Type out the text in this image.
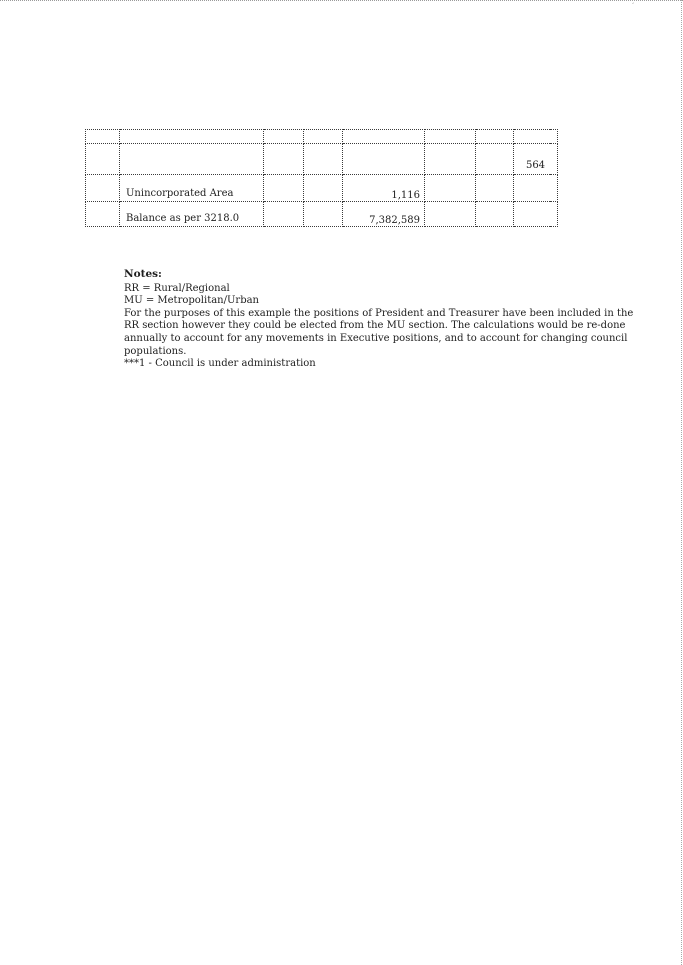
ʻ

							564
	Unincorporated Area			1,116			
	Balance as per 3218.0			7,382,589			
Notes:

RR = Rural/Regional

MU = Metropolitan/Urban

For the purposes of this example the positions of President and Treasurer have been included in the RR section however they could be elected from the MU section. The calculations would be re-done annually to account for any movements in Executive positions, and to account for changing council populations.

***1 - Council is under administration
